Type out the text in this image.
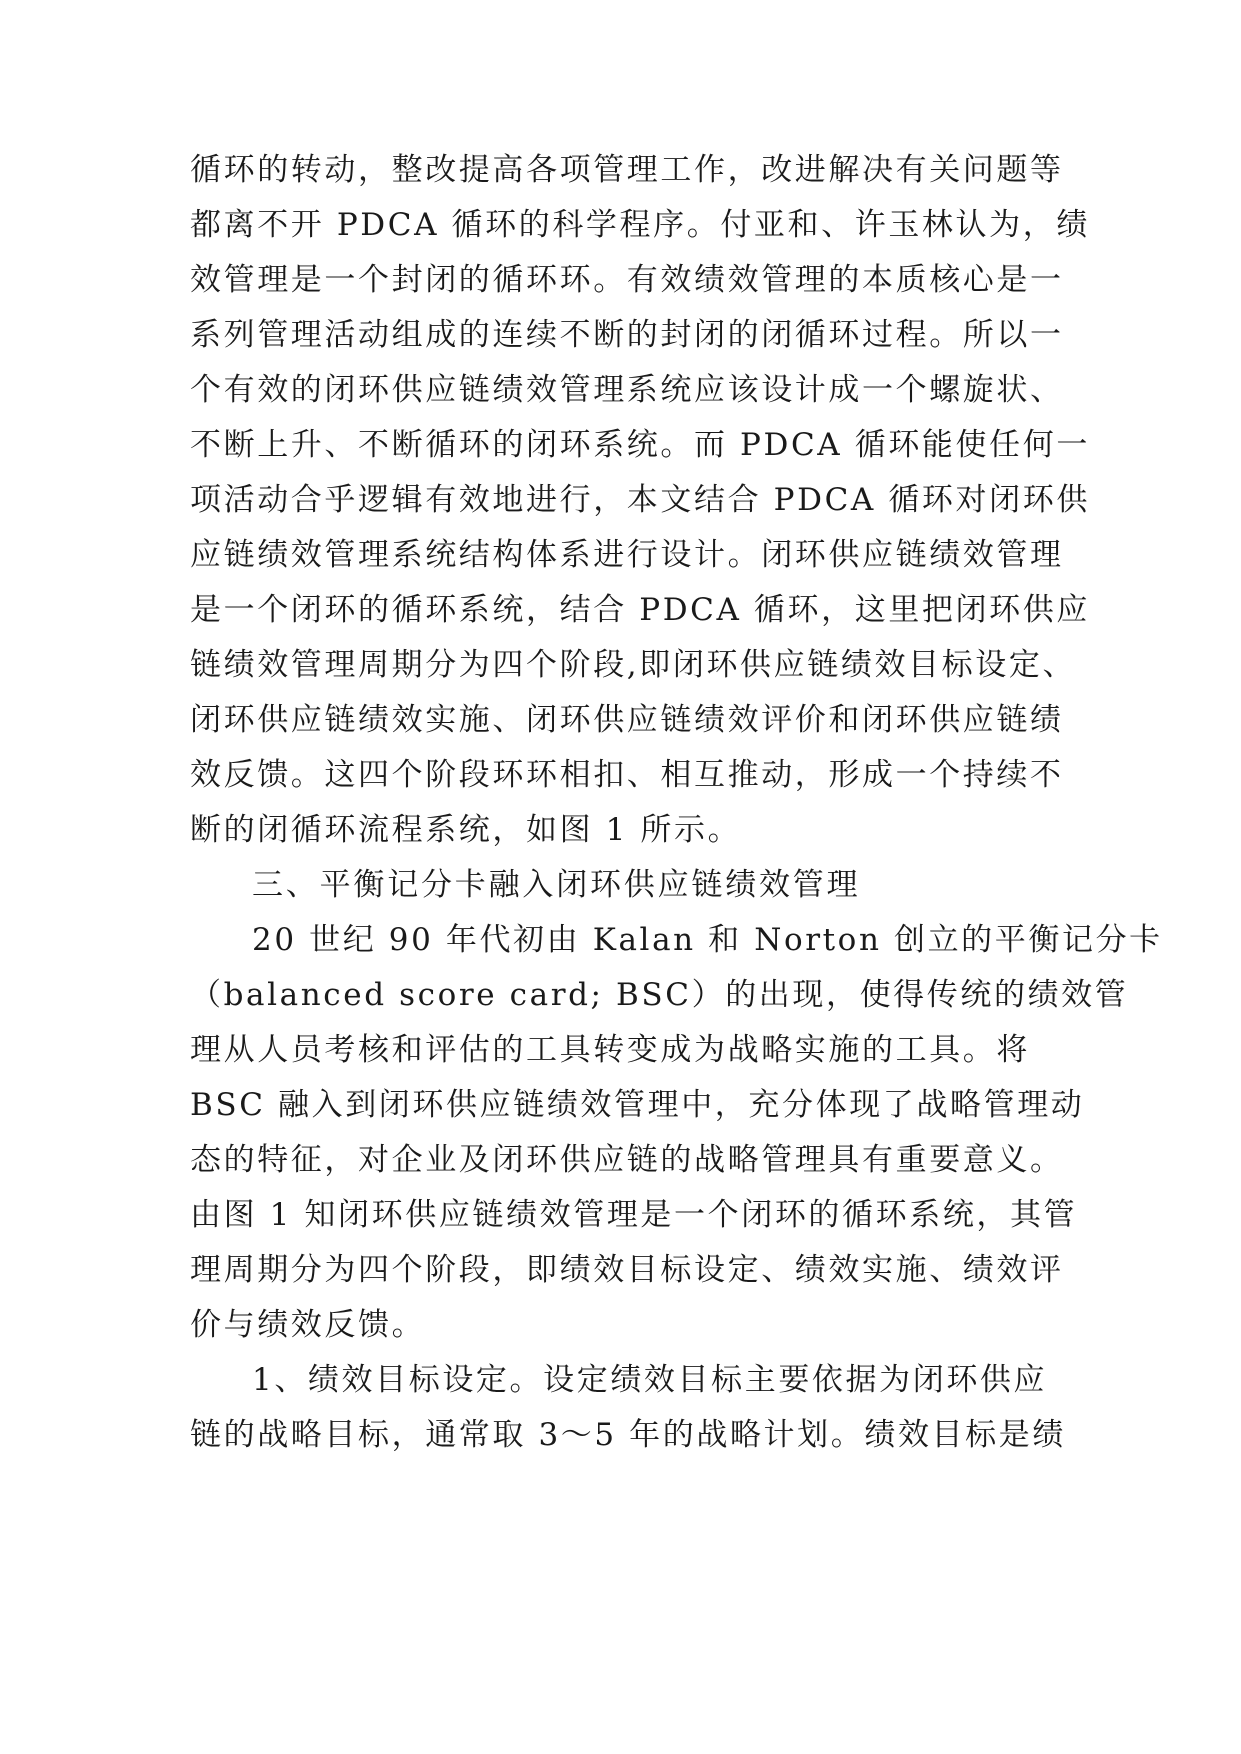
循环的转动，整改提高各项管理工作，改进解决有关问题等

都离不开 PDCA 循环的科学程序。付亚和、许玉林认为，绩

效管理是一个封闭的循环环。有效绩效管理的本质核心是一

系列管理活动组成的连续不断的封闭的闭循环过程。所以一

个有效的闭环供应链绩效管理系统应该设计成一个螺旋状、

不断上升、不断循环的闭环系统。而 PDCA 循环能使任何一

项活动合乎逻辑有效地进行，本文结合 PDCA 循环对闭环供

应链绩效管理系统结构体系进行设计。闭环供应链绩效管理

是一个闭环的循环系统，结合 PDCA 循环，这里把闭环供应

链绩效管理周期分为四个阶段,即闭环供应链绩效目标设定、

闭环供应链绩效实施、闭环供应链绩效评价和闭环供应链绩

效反馈。这四个阶段环环相扣、相互推动，形成一个持续不

断的闭循环流程系统，如图 1 所示。

三、平衡记分卡融入闭环供应链绩效管理

20 世纪 90 年代初由 Kalan 和 Norton 创立的平衡记分卡

（balanced score card; BSC）的出现，使得传统的绩效管

理从人员考核和评估的工具转变成为战略实施的工具。将

BSC 融入到闭环供应链绩效管理中，充分体现了战略管理动

态的特征，对企业及闭环供应链的战略管理具有重要意义。

由图 1 知闭环供应链绩效管理是一个闭环的循环系统，其管

理周期分为四个阶段，即绩效目标设定、绩效实施、绩效评

价与绩效反馈。

1、绩效目标设定。设定绩效目标主要依据为闭环供应

链的战略目标，通常取 3～5 年的战略计划。绩效目标是绩
